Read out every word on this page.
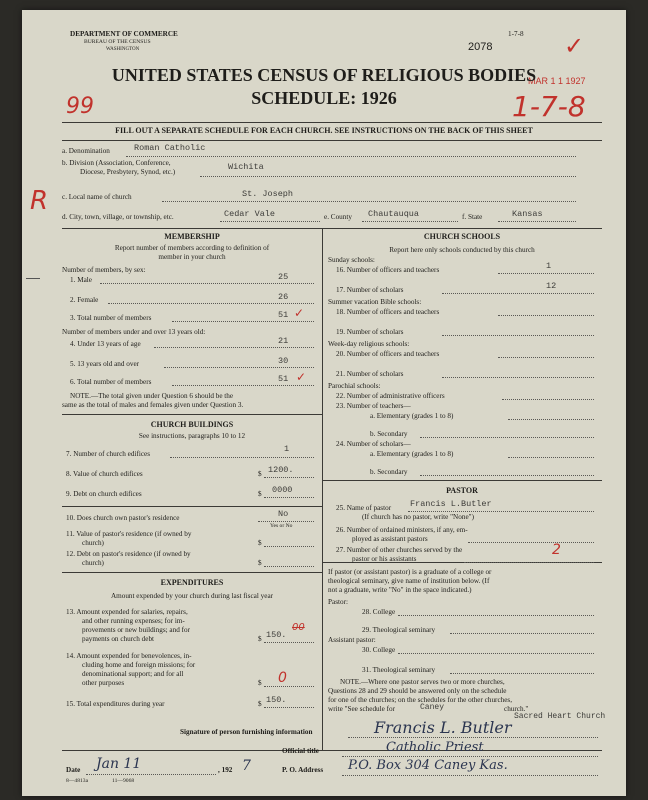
DEPARTMENT OF COMMERCE
BUREAU OF THE CENSUS
WASHINGTON
1-7-8
2078	✓
MAR 1 1 1927
UNITED STATES CENSUS OF RELIGIOUS BODIES
SCHEDULE: 1926
99	1-7-8
FILL OUT A SEPARATE SCHEDULE FOR EACH CHURCH. SEE INSTRUCTIONS ON THE BACK OF THIS SHEET
a. Denomination	Roman Catholic
b. Division (Association, Conference,
Diocese, Presbytery, Synod, etc.)	Wichita
R c. Local name of church	St. Joseph
d. City, town, village, or township, etc.	Cedar Vale	e. County Chautauqua	f. State	Kansas
MEMBERSHIP
Report number of members according to definition of
member in your church
Number of members, by sex:
1. Male	25
2. Female	26
3. Total number of members	51 ✓
Number of members under and over 13 years old:
4. Under 13 years of age	21
5. 13 years old and over	30
6. Total number of members	51 ✓
NOTE.—The total given under Question 6 should be the
same as the total of males and females given under Question 3.
CHURCH BUILDINGS
See instructions, paragraphs 10 to 12
7. Number of church edifices	1
8. Value of church edifices	$ 1200.
9. Debt on church edifices	$ 0000
10. Does church own pastor's residence	No
Yes or No
11. Value of pastor's residence (if owned by
church)	$
12. Debt on pastor's residence (if owned by
church)	$
EXPENDITURES
Amount expended by your church during last fiscal year
13. Amount expended for salaries, repairs,
and other running expenses; for im-
provements or new buildings; and for
payments on church debt	$ 150.
00
14. Amount expended for benevolences, in-
cluding home and foreign missions; for
denominational support; and for all
other purposes	$ 0
15. Total expenditures during year	$ 150.
CHURCH SCHOOLS
Report here only schools conducted by this church
Sunday schools:
16. Number of officers and teachers	1
17. Number of scholars	12
Summer vacation Bible schools:
18. Number of officers and teachers
19. Number of scholars
Week-day religious schools:
20. Number of officers and teachers
21. Number of scholars
Parochial schools:
22. Number of administrative officers
23. Number of teachers—
a. Elementary (grades 1 to 8)
b. Secondary
24. Number of scholars—
a. Elementary (grades 1 to 8)
b. Secondary
PASTOR
25. Name of pastor Francis L.Butler
(If church has no pastor, write "None")
26. Number of ordained ministers, if any, em-
ployed as assistant pastors
27. Number of other churches served by the
pastor or his assistants
2
If pastor (or assistant pastor) is a graduate of a college or
theological seminary, give name of institution below. (If
not a graduate, write "No" in the space indicated.)
Pastor:
28. College
29. Theological seminary
Assistant pastor:
30. College
31. Theological seminary
NOTE.—Where one pastor serves two or more churches,
Questions 28 and 29 should be answered only on the schedule
for one of the churches; on the schedules for the other churches,
write "See schedule for	Caney	church."
Sacred Heart Church
Signature of person furnishing information	Francis L. Butler
Official title	Catholic Priest
Date Jan 11	, 192 7	P. O. Address P.O. Box 304 Caney Kas.
8—4813a	11—9068
